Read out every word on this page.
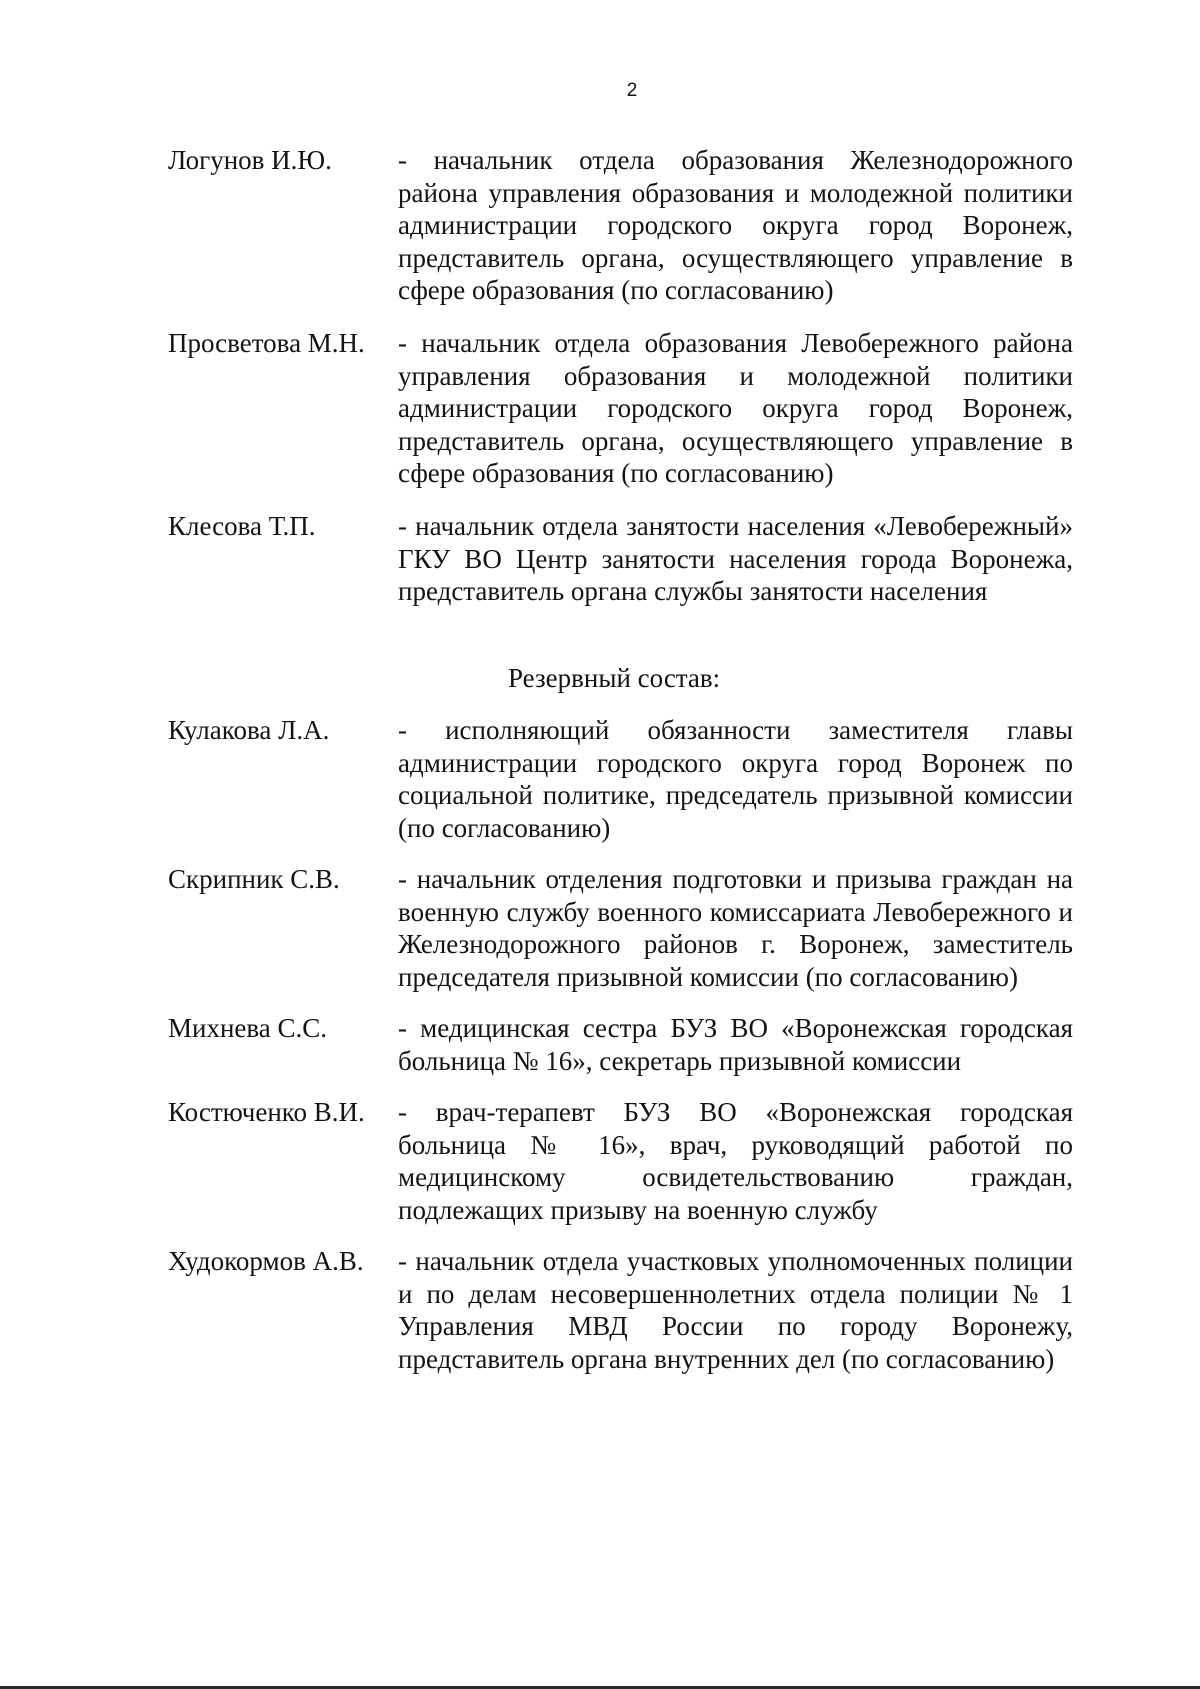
2
Логунов И.Ю. - начальник отдела образования Железнодорожного района управления образования и молодежной политики администрации городского округа город Воронеж, представитель органа, осуществляющего управление в сфере образования (по согласованию)
Просветова М.Н. - начальник отдела образования Левобережного района управления образования и молодежной политики администрации городского округа город Воронеж, представитель органа, осуществляющего управление в сфере образования (по согласованию)
Клесова Т.П.	- начальник отдела занятости населения «Левобережный» ГКУ ВО Центр занятости населения города Воронежа, представитель органа службы занятости населения
Резервный состав:
Кулакова Л.А.	- исполняющий обязанности заместителя главы администрации городского округа город Воронеж по социальной политике, председатель призывной комиссии (по согласованию)
Скрипник С.В. - начальник отделения подготовки и призыва граждан на военную службу военного комиссариата Левобережного и Железнодорожного районов г. Воронеж, заместитель председателя призывной комиссии (по согласованию)
Михнева С.С.	- медицинская сестра БУЗ ВО «Воронежская городская больница № 16», секретарь призывной комиссии
Костюченко В.И. - врач-терапевт БУЗ ВО «Воронежская городская больница № 16», врач, руководящий работой по медицинскому освидетельствованию граждан, подлежащих призыву на военную службу
Худокормов А.В. - начальник отдела участковых уполномоченных полиции и по делам несовершеннолетних отдела полиции № 1 Управления МВД России по городу Воронежу, представитель органа внутренних дел (по согласованию)
